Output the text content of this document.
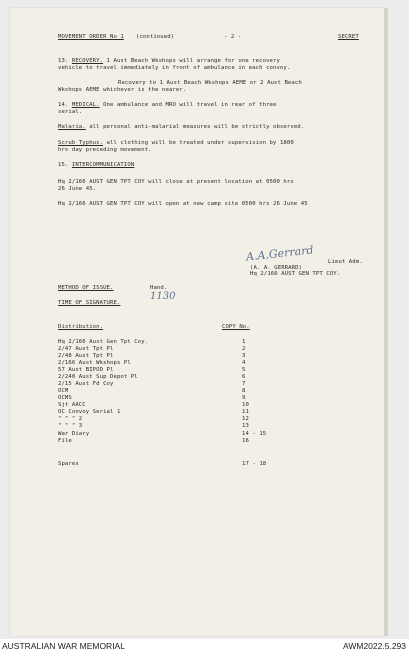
MOVEMENT ORDER No 1 (continued)	- 2 -	SECRET
13. RECOVERY. 1 Aust Beach Wkshops will arrange for one recovery
vehicle to travel immediately in front of ambulance in each convoy.
Recovery to 1 Aust Beach Wkshops AEME or 2 Aust Beach
Wkshops AEME whichever is the nearer.
14. MEDICAL. One ambulance and MRO will travel in rear of three
serial.
Malaria. all personal anti-malarial measures will be strictly observed.
Scrub Typhus. all clothing will be treated under supervision by 1800
hrs day preceding movement.
15. INTERCOMMUNICATION
Hq 2/166 AUST GEN TPT COY will close at present location at 0500 hrs
26 June 45.
Hq 2/166 AUST GEN TPT COY will open at new camp site 0500 hrs 26 June 45
A.A.Gerrard Lieut Adm.
(A. A. GERRARD)
Hq 2/166 AUST GEN TPT COY.
METHOD OF ISSUE.	Hand.
TIME OF SIGNATURE.
1130
Distribution.	COPY No.
Hq 2/166 Aust Gen Tpt Coy.	1
2/47 Aust Tpt Pl	2
2/48 Aust Tpt Pl	3
2/166 Aust Wkshops Pl	4
57 Aust BIPOD Pl	5
2/240 Aust Sup Depot Pl	6
2/15 Aust Fd Coy	7
OCM	8
OCMS	9
Sjt AACC	10
OC Convoy Serial 1	11
" " " 2	12
" " " 3	13
War Diary	14 - 15
File	16
Spares	17 - 18
AUSTRALIAN WAR MEMORIAL	AWM2022.5.293
